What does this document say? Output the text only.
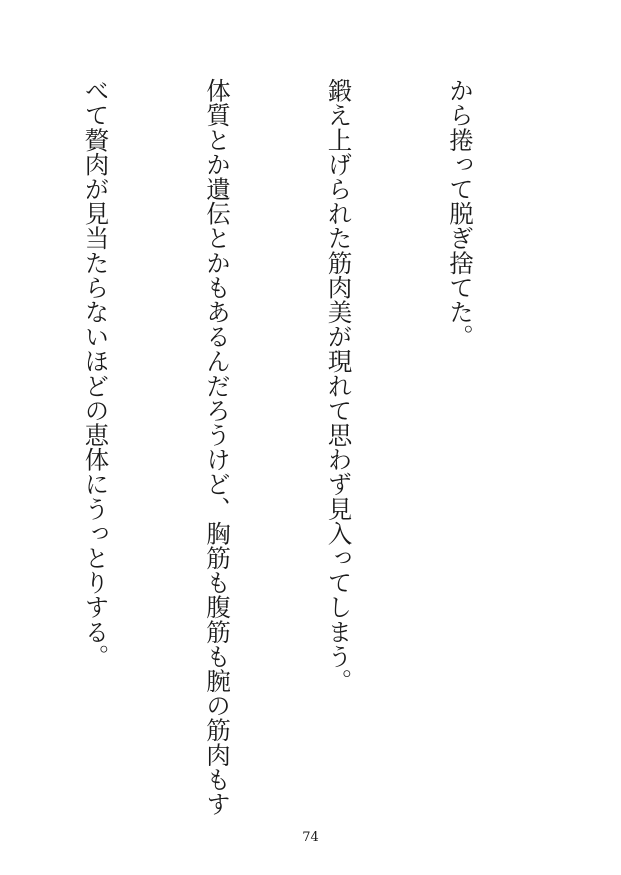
から捲って脱ぎ捨てた。

鍛え上げられた筋肉美が現れて思わず見入ってしまう。

体質とか遺伝とかもあるんだろうけど、胸筋も腹筋も腕の筋肉もす

べて贅肉が見当たらないほどの恵体にうっとりする。

74
